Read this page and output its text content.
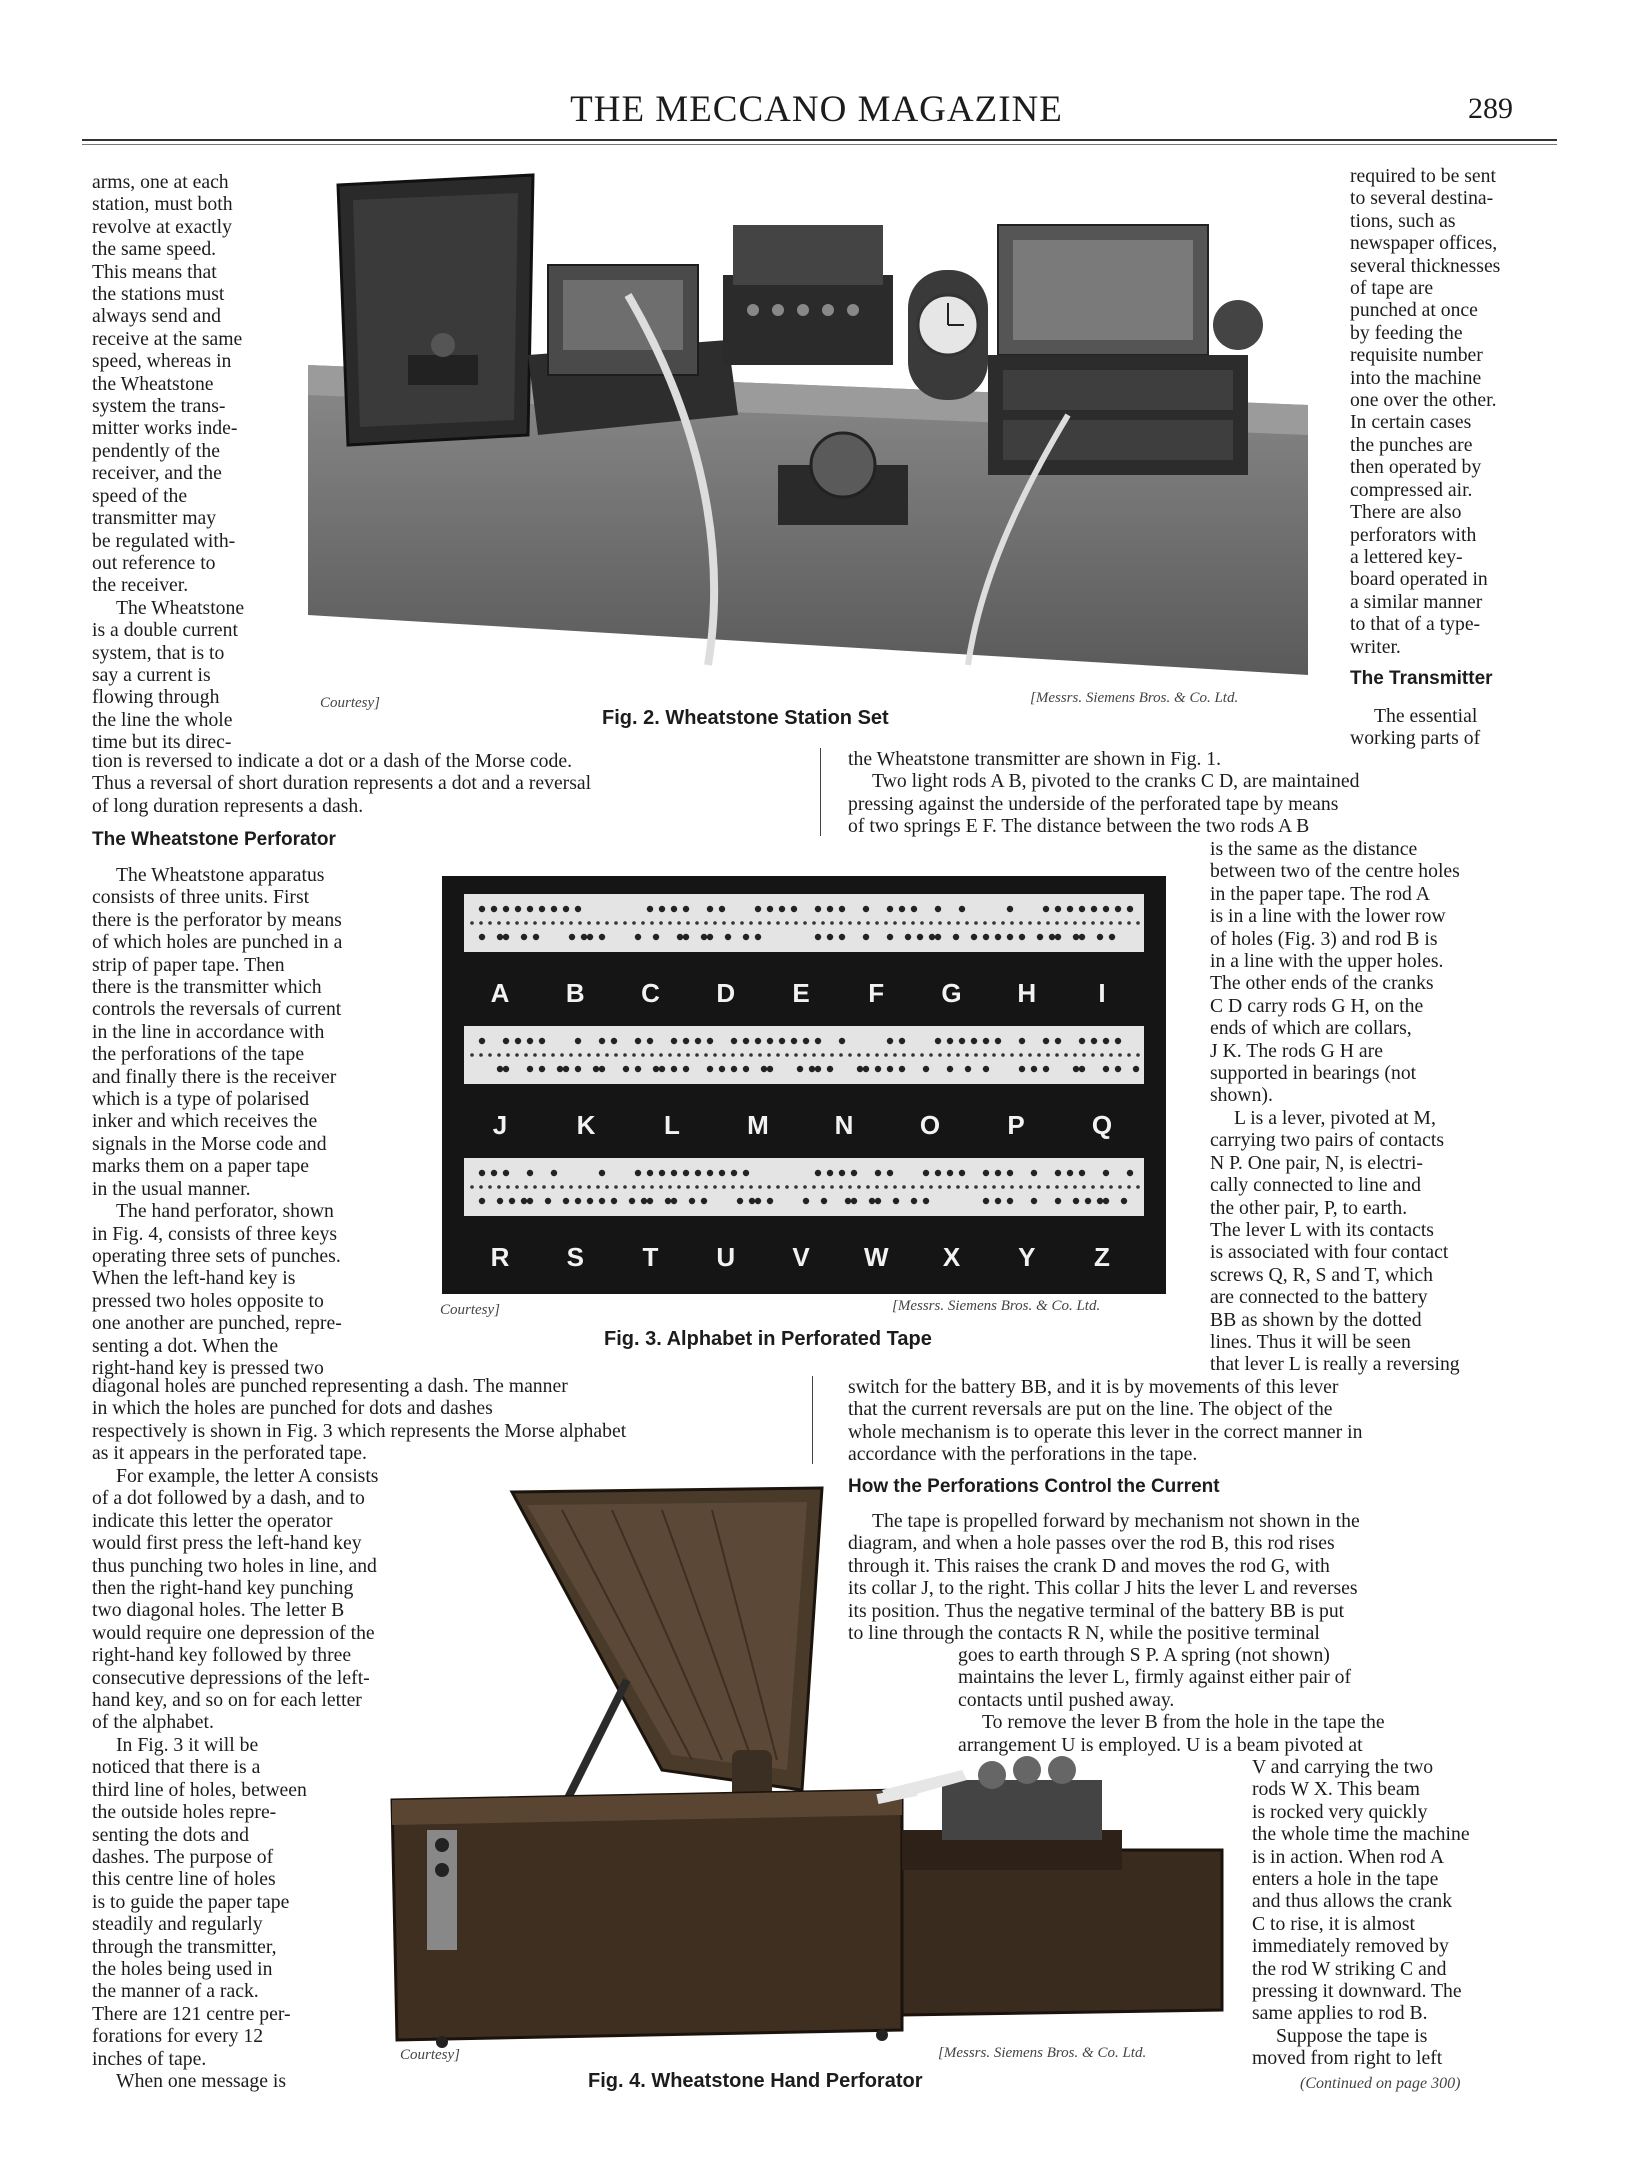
THE MECCANO MAGAZINE	289
Courtesy]	[Messrs. Siemens Bros. & Co. Ltd.
Fig. 2. Wheatstone Station Set

arms, one at each

station, must both

revolve at exactly

the same speed.

This means that

the stations must

always send and

receive at the same

speed, whereas in

the Wheatstone

system the trans-

mitter works inde-

pendently of the

receiver, and the

speed of the

transmitter may

be regulated with-

out reference to

the receiver.

The Wheatstone

is a double current

system, that is to

say a current is

flowing through

the line the whole

time but its direc-

tion is reversed to indicate a dot or a dash of the Morse code.

Thus a reversal of short duration represents a dot and a reversal

of long duration represents a dash.

The Wheatstone Perforator

The Wheatstone apparatus

consists of three units. First

there is the perforator by means

of which holes are punched in a

strip of paper tape. Then

there is the transmitter which

controls the reversals of current

in the line in accordance with

the perforations of the tape

and finally there is the receiver

which is a type of polarised

inker and which receives the

signals in the Morse code and

marks them on a paper tape

in the usual manner.

The hand perforator, shown

in Fig. 4, consists of three keys

operating three sets of punches.

When the left-hand key is

pressed two holes opposite to

one another are punched, repre-

senting a dot. When the

right-hand key is pressed two

A B C D E F G H I
J	K	L	M	N	O	P	Q
R S T U V W X Y Z
Courtesy]	[Messrs. Siemens Bros. & Co. Ltd.
Fig. 3. Alphabet in Perforated Tape

diagonal holes are punched representing a dash. The manner

in which the holes are punched for dots and dashes

respectively is shown in Fig. 3 which represents the Morse alphabet

as it appears in the perforated tape.

For example, the letter A consists

of a dot followed by a dash, and to

indicate this letter the operator

would first press the left-hand key

thus punching two holes in line, and

then the right-hand key punching

two diagonal holes. The letter B

would require one depression of the

right-hand key followed by three

consecutive depressions of the left-

hand key, and so on for each letter

of the alphabet.

In Fig. 3 it will be

noticed that there is a

third line of holes, between

the outside holes repre-

senting the dots and

dashes. The purpose of

this centre line of holes

is to guide the paper tape

steadily and regularly

through the transmitter,

the holes being used in

the manner of a rack.

There are 121 centre per-

forations for every 12

inches of tape.

When one message is

Courtesy]	[Messrs. Siemens Bros. & Co. Ltd.
Fig. 4. Wheatstone Hand Perforator

required to be sent

to several destina-

tions, such as

newspaper offices,

several thicknesses

of tape are

punched at once

by feeding the

requisite number

into the machine

one over the other.

In certain cases

the punches are

then operated by

compressed air.

There are also

perforators with

a lettered key-

board operated in

a similar manner

to that of a type-

writer.

The Transmitter

The essential

working parts of

the Wheatstone transmitter are shown in Fig. 1.

Two light rods A B, pivoted to the cranks C D, are maintained

pressing against the underside of the perforated tape by means

of two springs E F. The distance between the two rods A B

is the same as the distance

between two of the centre holes

in the paper tape. The rod A

is in a line with the lower row

of holes (Fig. 3) and rod B is

in a line with the upper holes.

The other ends of the cranks

C D carry rods G H, on the

ends of which are collars,

J K. The rods G H are

supported in bearings (not

shown).

L is a lever, pivoted at M,

carrying two pairs of contacts

N P. One pair, N, is electri-

cally connected to line and

the other pair, P, to earth.

The lever L with its contacts

is associated with four contact

screws Q, R, S and T, which

are connected to the battery

BB as shown by the dotted

lines. Thus it will be seen

that lever L is really a reversing

switch for the battery BB, and it is by movements of this lever

that the current reversals are put on the line. The object of the

whole mechanism is to operate this lever in the correct manner in

accordance with the perforations in the tape.

How the Perforations Control the Current

The tape is propelled forward by mechanism not shown in the

diagram, and when a hole passes over the rod B, this rod rises

through it. This raises the crank D and moves the rod G, with

its collar J, to the right. This collar J hits the lever L and reverses

its position. Thus the negative terminal of the battery BB is put

to line through the contacts R N, while the positive terminal

goes to earth through S P. A spring (not shown)

maintains the lever L, firmly against either pair of

contacts until pushed away.

To remove the lever B from the hole in the tape the

arrangement U is employed. U is a beam pivoted at

V and carrying the two

rods W X. This beam

is rocked very quickly

the whole time the machine

is in action. When rod A

enters a hole in the tape

and thus allows the crank

C to rise, it is almost

immediately removed by

the rod W striking C and

pressing it downward. The

same applies to rod B.

Suppose the tape is

moved from right to left

(Continued on page 300)
